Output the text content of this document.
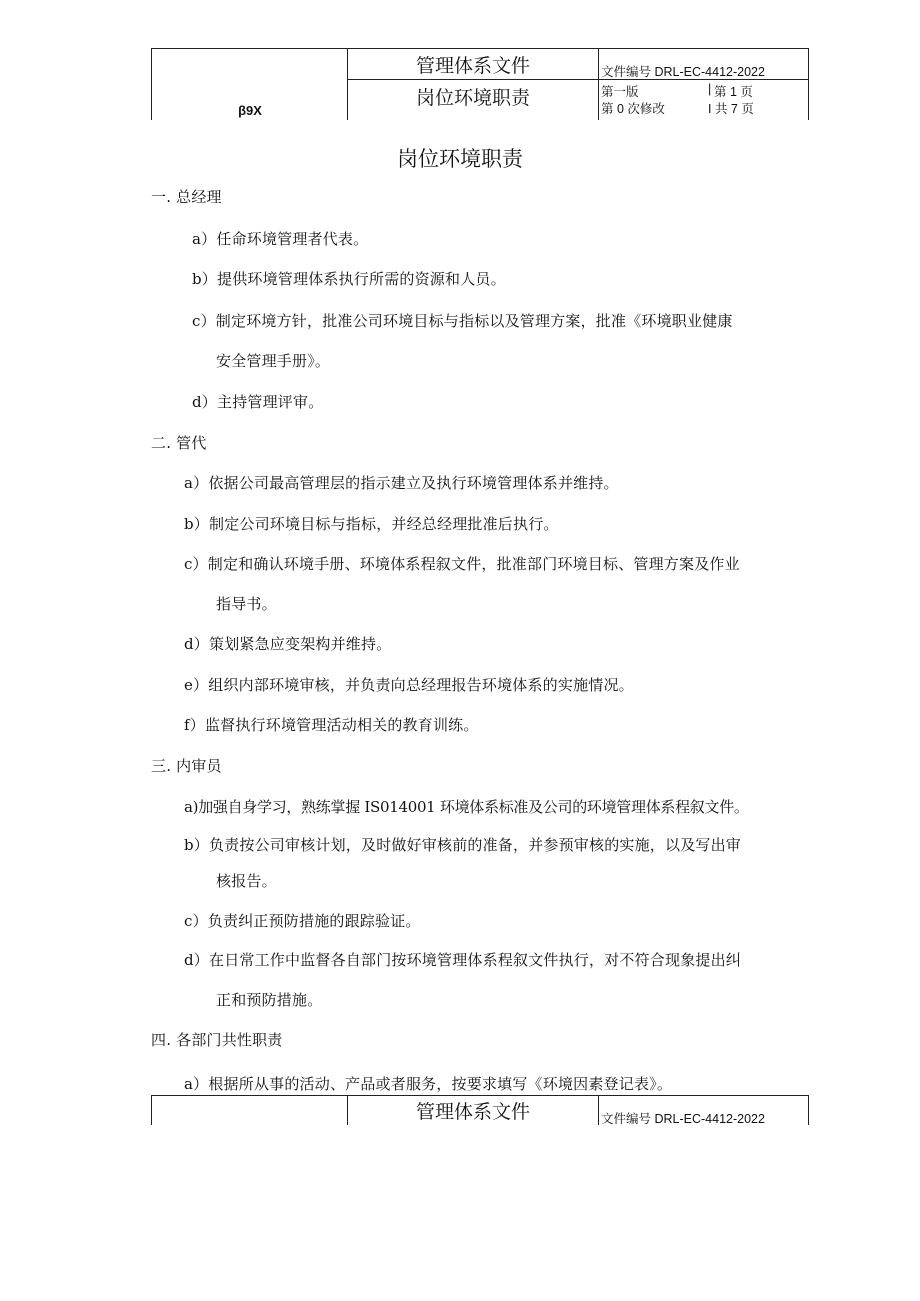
β9X
管理体系文件
岗位环境职责
文件编号 DRL-EC-4412-2022
第一版	| 第 1 页
第 0 次修改	I 共 7 页
岗位环境职责
一. 总经理
a）任命环境管理者代表。
b）提供环境管理体系执行所需的资源和人员。
c）制定环境方针，批准公司环境目标与指标以及管理方案，批准《环境职业健康
安全管理手册》。
d）主持管理评审。
二. 管代
a）依据公司最高管理层的指示建立及执行环境管理体系并维持。
b）制定公司环境目标与指标，并经总经理批准后执行。
c）制定和确认环境手册、环境体系程叙文件，批准部门环境目标、管理方案及作业
指导书。
d）策划紧急应变架构并维持。
e）组织内部环境审核，并负责向总经理报告环境体系的实施情况。
f）监督执行环境管理活动相关的教育训练。
三. 内审员
a)加强自身学习，熟练掌握 IS014001 环境体系标准及公司的环境管理体系程叙文件。
b）负责按公司审核计划，及时做好审核前的准备，并参预审核的实施，以及写出审
核报告。
c）负责纠正预防措施的跟踪验证。
d）在日常工作中监督各自部门按环境管理体系程叙文件执行，对不符合现象提出纠
正和预防措施。
四. 各部门共性职责
a）根据所从事的活动、产品或者服务，按要求填写《环境因素登记表》。
管理体系文件	文件编号 DRL-EC-4412-2022
